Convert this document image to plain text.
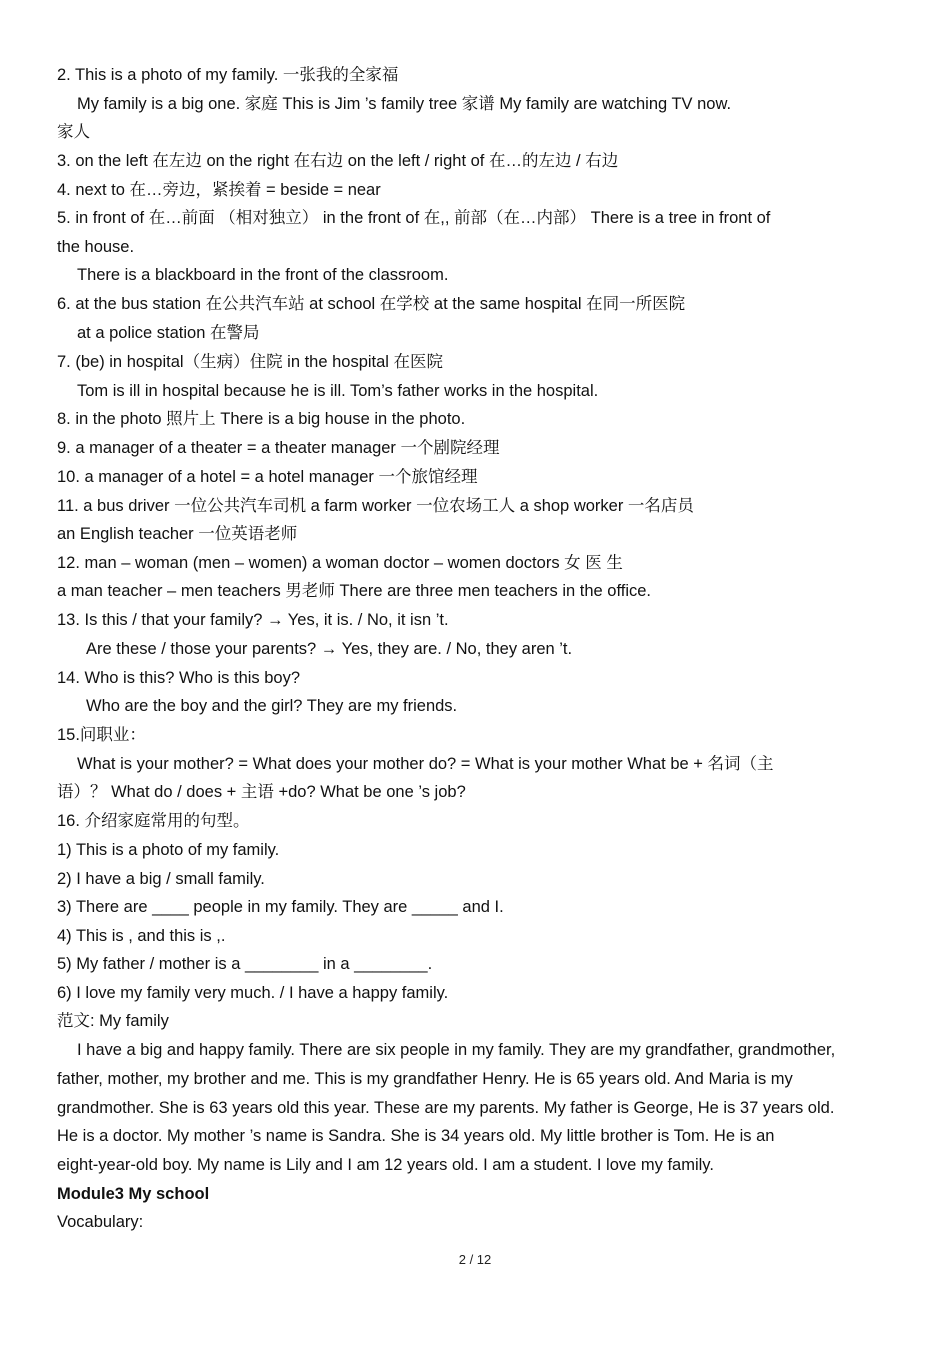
2. This is a photo of my family. 一张我的全家福
My family is a big one. 家庭 This is Jim ’s family tree 家谱 My family are watching TV now.
家人
3. on the left 在左边 on the right 在右边 on the left / right of 在…的左边 / 右边
4. next to 在…旁边，紧挨着 = beside = near
5. in front of 在…前面 （相对独立） in the front of 在,, 前部（在…内部） There is a tree in front of
the house.
There is a blackboard in the front of the classroom.
6. at the bus station 在公共汽车站 at school 在学校 at the same hospital 在同一所医院
at a police station 在警局
7. (be) in hospital（生病）住院 in the hospital 在医院
Tom is ill in hospital because he is ill. Tom’s father works in the hospital.
8. in the photo 照片上 There is a big house in the photo.
9. a manager of a theater = a theater manager 一个剧院经理
10. a manager of a hotel = a hotel manager 一个旅馆经理
11. a bus driver 一位公共汽车司机 a farm worker 一位农场工人 a shop worker 一名店员
an English teacher 一位英语老师
12. man – woman (men – women) a woman doctor – women doctors 女 医 生
a man teacher – men teachers 男老师 There are three men teachers in the office.
13. Is this / that your family? → Yes, it is. / No, it isn ’t.
Are these / those your parents? → Yes, they are. / No, they aren ’t.
14. Who is this? Who is this boy?
Who are the boy and the girl? They are my friends.
15.问职业：
What is your mother? = What does your mother do? = What is your mother What be + 名词（主
语）？ What do / does + 主语 +do? What be one ’s job?
16. 介绍家庭常用的句型。
1) This is a photo of my family.
2) I have a big / small family.
3) There are ____ people in my family. They are _____ and I.
4) This is , and this is ,.
5) My father / mother is a ________ in a ________.
6) I love my family very much. / I have a happy family.
范文: My family
I have a big and happy family. There are six people in my family. They are my grandfather, grandmother,
father, mother, my brother and me. This is my grandfather Henry. He is 65 years old. And Maria is my
grandmother. She is 63 years old this year. These are my parents. My father is George, He is 37 years old.
He is a doctor. My mother ’s name is Sandra. She is 34 years old. My little brother is Tom. He is an
eight-year-old boy. My name is Lily and I am 12 years old. I am a student. I love my family.
Module3 My school
Vocabulary:
2 / 12
